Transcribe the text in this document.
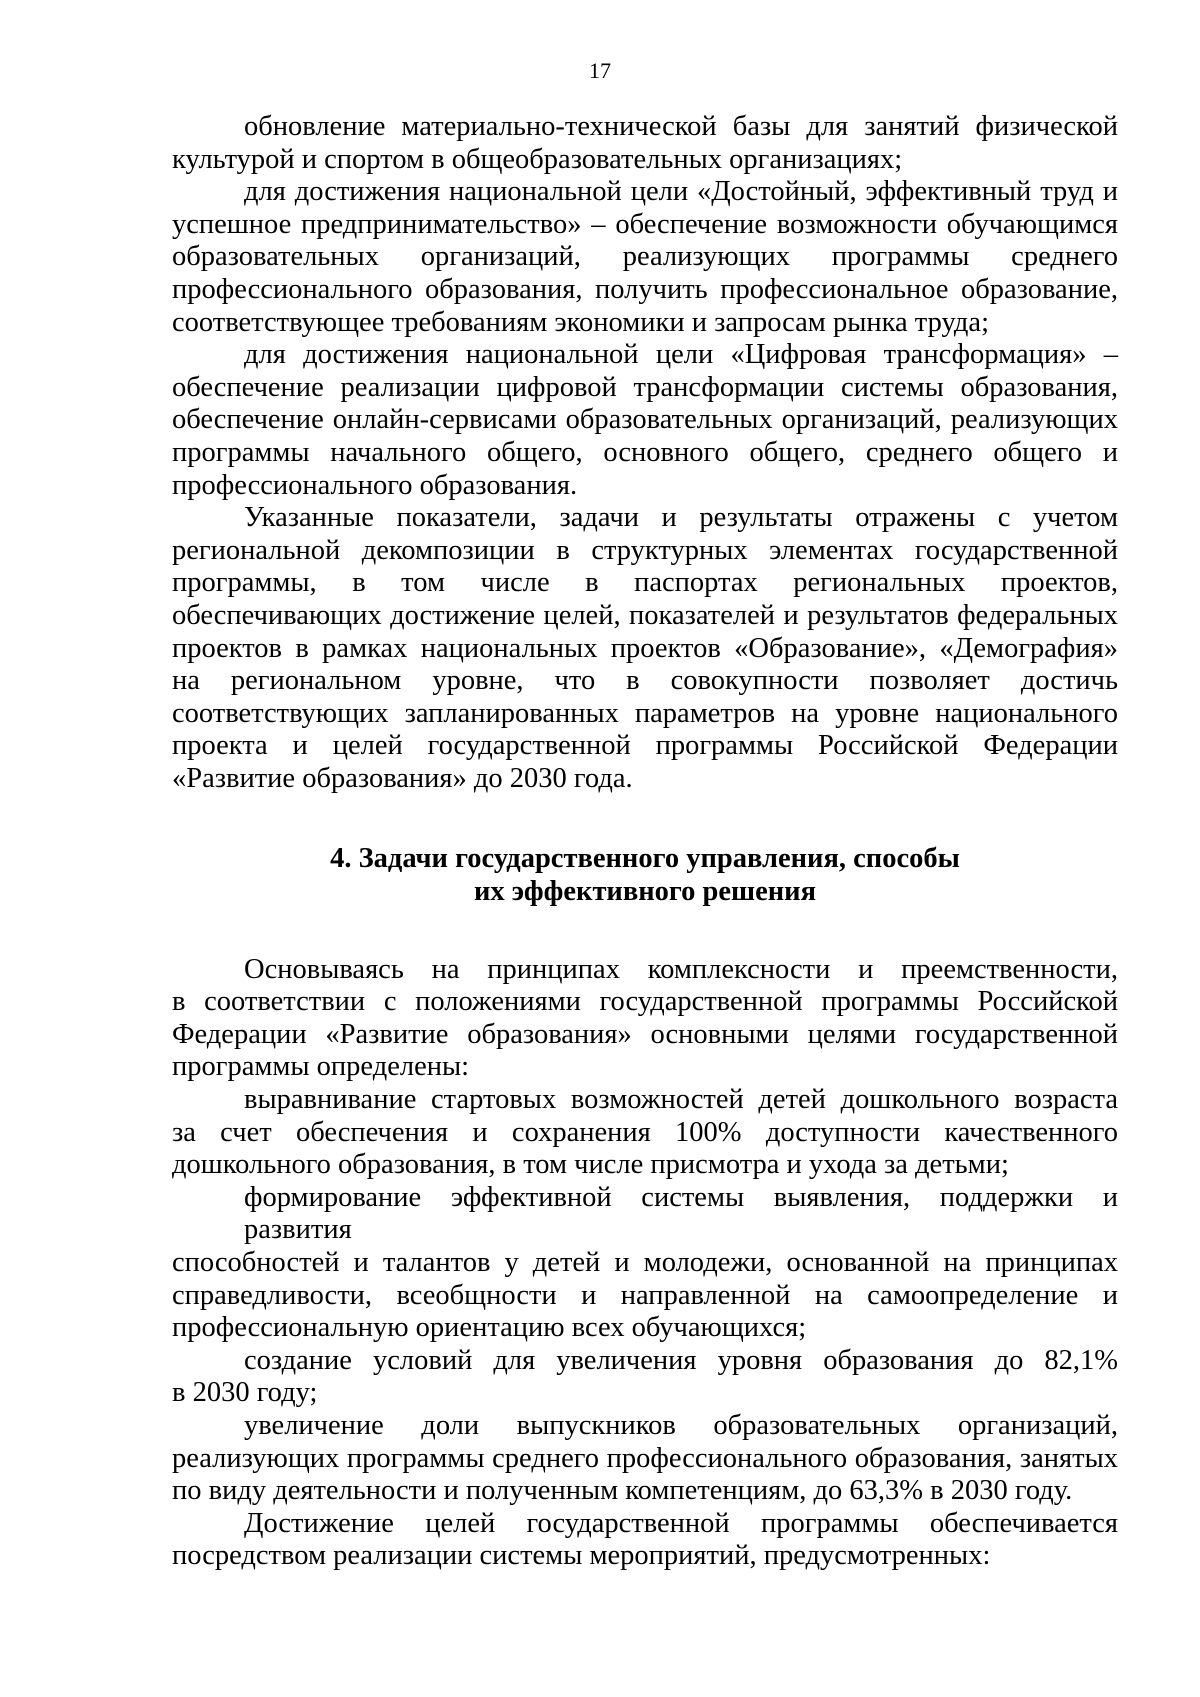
17
обновление материально-технической базы для занятий физической
культурой и спортом в общеобразовательных организациях;
для достижения национальной цели «Достойный, эффективный труд и
успешное предпринимательство» – обеспечение возможности обучающимся
образовательных организаций, реализующих программы среднего
профессионального образования, получить профессиональное образование,
соответствующее требованиям экономики и запросам рынка труда;
для достижения национальной цели «Цифровая трансформация» –
обеспечение реализации цифровой трансформации системы образования,
обеспечение онлайн-сервисами образовательных организаций, реализующих
программы начального общего, основного общего, среднего общего и
профессионального образования.
Указанные показатели, задачи и результаты отражены с учетом
региональной декомпозиции в структурных элементах государственной
программы, в том числе в паспортах региональных проектов,
обеспечивающих достижение целей, показателей и результатов федеральных
проектов в рамках национальных проектов «Образование», «Демография»
на региональном уровне, что в совокупности позволяет достичь
соответствующих запланированных параметров на уровне национального
проекта и целей государственной программы Российской Федерации
«Развитие образования» до 2030 года.
4. Задачи государственного управления, способы
их эффективного решения
Основываясь на принципах комплексности и преемственности,
в соответствии с положениями государственной программы Российской
Федерации «Развитие образования» основными целями государственной
программы определены:
выравнивание стартовых возможностей детей дошкольного возраста
за счет обеспечения и сохранения 100% доступности качественного
дошкольного образования, в том числе присмотра и ухода за детьми;
формирование эффективной системы выявления, поддержки и развития
способностей и талантов у детей и молодежи, основанной на принципах
справедливости, всеобщности и направленной на самоопределение и
профессиональную ориентацию всех обучающихся;
создание условий для увеличения уровня образования до 82,1%
в 2030 году;
увеличение доли выпускников образовательных организаций,
реализующих программы среднего профессионального образования, занятых
по виду деятельности и полученным компетенциям, до 63,3% в 2030 году.
Достижение целей государственной программы обеспечивается
посредством реализации системы мероприятий, предусмотренных:
